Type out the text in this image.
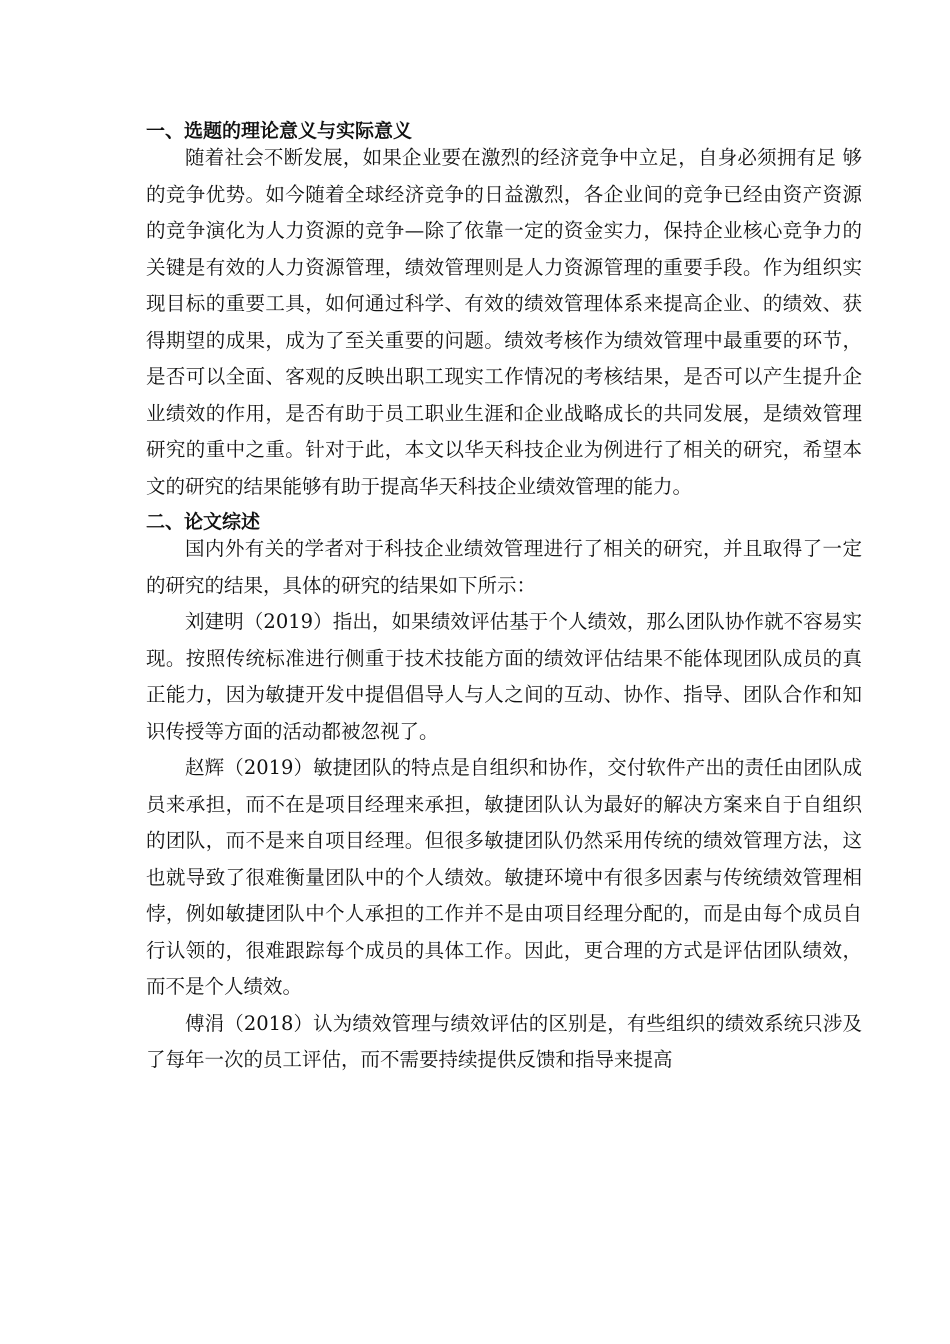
一、选题的理论意义与实际意义

随着社会不断发展，如果企业要在激烈的经济竞争中立足，自身必须拥有足 够的竞争优势。如今随着全球经济竞争的日益激烈，各企业间的竞争已经由资产资源的竞争演化为人力资源的竞争—除了依靠一定的资金实力，保持企业核心竞争力的关键是有效的人力资源管理，绩效管理则是人力资源管理的重要手段。作为组织实现目标的重要工具，如何通过科学、有效的绩效管理体系来提高企业、的绩效、获得期望的成果，成为了至关重要的问题。绩效考核作为绩效管理中最重要的环节，是否可以全面、客观的反映出职工现实工作情况的考核结果，是否可以产生提升企业绩效的作用，是否有助于员工职业生涯和企业战略成长的共同发展，是绩效管理研究的重中之重。针对于此，本文以华天科技企业为例进行了相关的研究，希望本文的研究的结果能够有助于提高华天科技企业绩效管理的能力。

二、论文综述

国内外有关的学者对于科技企业绩效管理进行了相关的研究，并且取得了一定的研究的结果，具体的研究的结果如下所示：

刘建明（2019）指出，如果绩效评估基于个人绩效，那么团队协作就不容易实现。按照传统标准进行侧重于技术技能方面的绩效评估结果不能体现团队成员的真正能力，因为敏捷开发中提倡倡导人与人之间的互动、协作、指导、团队合作和知识传授等方面的活动都被忽视了。

赵辉（2019）敏捷团队的特点是自组织和协作，交付软件产出的责任由团队成员来承担，而不在是项目经理来承担，敏捷团队认为最好的解决方案来自于自组织的团队，而不是来自项目经理。但很多敏捷团队仍然采用传统的绩效管理方法，这也就导致了很难衡量团队中的个人绩效。敏捷环境中有很多因素与传统绩效管理相悖，例如敏捷团队中个人承担的工作并不是由项目经理分配的，而是由每个成员自行认领的，很难跟踪每个成员的具体工作。因此，更合理的方式是评估团队绩效，而不是个人绩效。

傅涓（2018）认为绩效管理与绩效评估的区别是，有些组织的绩效系统只涉及了每年一次的员工评估，而不需要持续提供反馈和指导来提高
